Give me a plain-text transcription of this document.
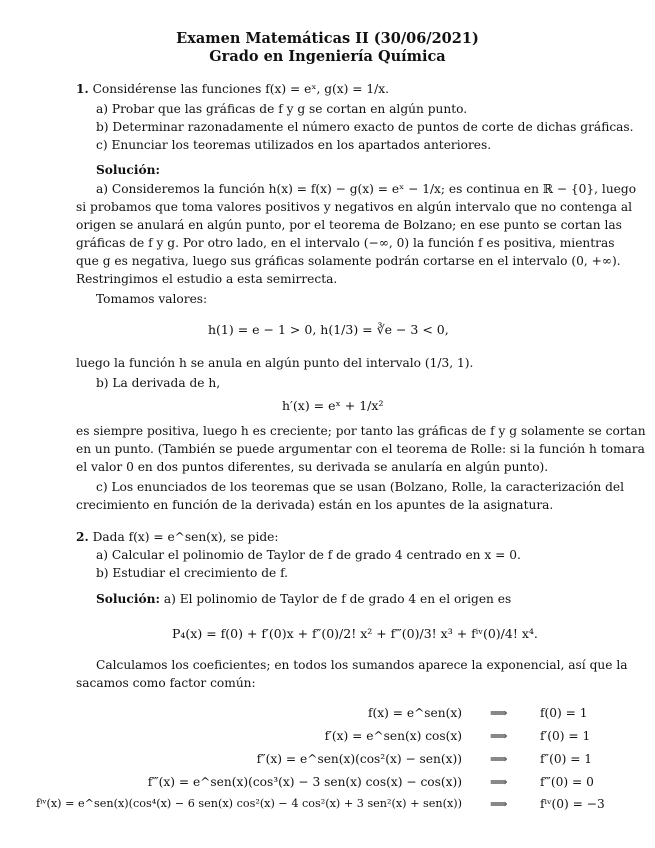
Examen Matemáticas II (30/06/2021)
Grado en Ingeniería Química
1. Considérense las funciones f(x) = eˣ, g(x) = 1/x.
a) Probar que las gráficas de f y g se cortan en algún punto.
b) Determinar razonadamente el número exacto de puntos de corte de dichas gráficas.
c) Enunciar los teoremas utilizados en los apartados anteriores.
Solución:
a) Consideremos la función h(x) = f(x) − g(x) = eˣ − 1/x; es continua en ℝ − {0}, luego
si probamos que toma valores positivos y negativos en algún intervalo que no contenga al
origen se anulará en algún punto, por el teorema de Bolzano; en ese punto se cortan las
gráficas de f y g. Por otro lado, en el intervalo (−∞, 0) la función f es positiva, mientras
que g es negativa, luego sus gráficas solamente podrán cortarse en el intervalo (0, +∞).
Restringimos el estudio a esta semirrecta.
Tomamos valores:
h(1) = e − 1 > 0, h(1/3) = ∛e − 3 < 0,
luego la función h se anula en algún punto del intervalo (1/3, 1).
b) La derivada de h,
h′(x) = eˣ + 1/x²
es siempre positiva, luego h es creciente; por tanto las gráficas de f y g solamente se cortan
en un punto. (También se puede argumentar con el teorema de Rolle: si la función h tomara
el valor 0 en dos puntos diferentes, su derivada se anularía en algún punto).
c) Los enunciados de los teoremas que se usan (Bolzano, Rolle, la caracterización del
crecimiento en función de la derivada) están en los apuntes de la asignatura.
2. Dada f(x) = e^sen(x), se pide:
a) Calcular el polinomio de Taylor de f de grado 4 centrado en x = 0.
b) Estudiar el crecimiento de f.
Solución: a) El polinomio de Taylor de f de grado 4 en el origen es
P₄(x) = f(0) + f′(0)x + f″(0)/2! x² + f‴(0)/3! x³ + fⁱᵛ(0)/4! x⁴.
Calculamos los coeficientes; en todos los sumandos aparece la exponencial, así que la
sacamos como factor común:
f(x) = e^sen(x) ⟹	f(0) = 1
f′(x) = e^sen(x) cos(x) ⟹	f′(0) = 1
f″(x) = e^sen(x)(cos²(x) − sen(x)) ⟹	f″(0) = 1
f‴(x) = e^sen(x)(cos³(x) − 3 sen(x) cos(x) − cos(x)) ⟹	f‴(0) = 0
fⁱᵛ(x) = e^sen(x)(cos⁴(x) − 6 sen(x) cos²(x) − 4 cos²(x) + 3 sen²(x) + sen(x)) ⟹	fⁱᵛ(0) = −3
